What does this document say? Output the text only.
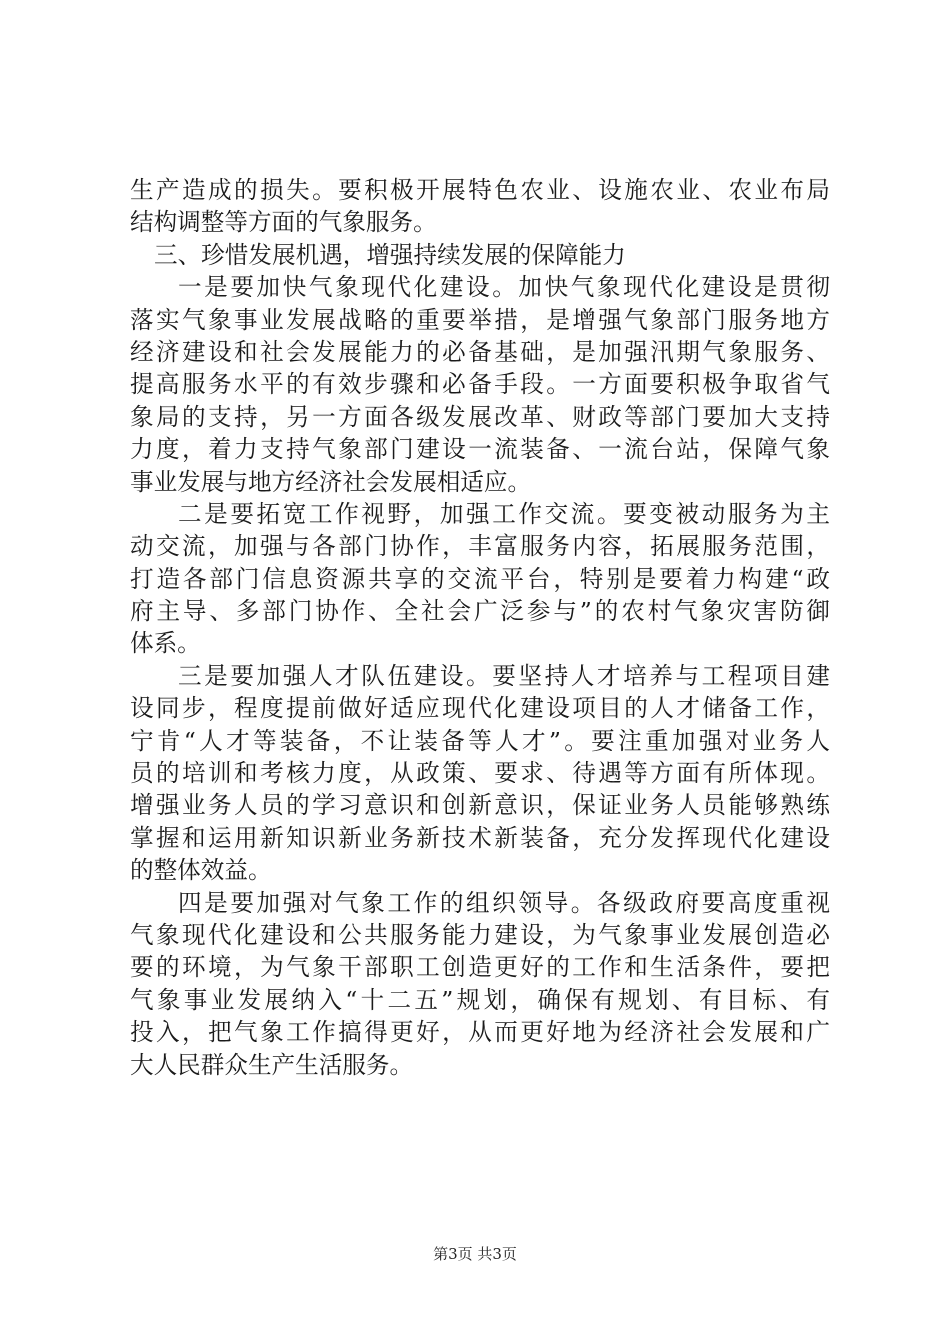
生产造成的损失。要积极开展特色农业、设施农业、农业布局
结构调整等方面的气象服务。
三、珍惜发展机遇，增强持续发展的保障能力
一是要加快气象现代化建设。加快气象现代化建设是贯彻
落实气象事业发展战略的重要举措，是增强气象部门服务地方
经济建设和社会发展能力的必备基础，是加强汛期气象服务、
提高服务水平的有效步骤和必备手段。一方面要积极争取省气
象局的支持，另一方面各级发展改革、财政等部门要加大支持
力度，着力支持气象部门建设一流装备、一流台站，保障气象
事业发展与地方经济社会发展相适应。
二是要拓宽工作视野，加强工作交流。要变被动服务为主
动交流，加强与各部门协作，丰富服务内容，拓展服务范围，
打造各部门信息资源共享的交流平台，特别是要着力构建“政
府主导、多部门协作、全社会广泛参与”的农村气象灾害防御
体系。
三是要加强人才队伍建设。要坚持人才培养与工程项目建
设同步，程度提前做好适应现代化建设项目的人才储备工作，
宁肯“人才等装备，不让装备等人才”。要注重加强对业务人
员的培训和考核力度，从政策、要求、待遇等方面有所体现。
增强业务人员的学习意识和创新意识，保证业务人员能够熟练
掌握和运用新知识新业务新技术新装备，充分发挥现代化建设
的整体效益。
四是要加强对气象工作的组织领导。各级政府要高度重视
气象现代化建设和公共服务能力建设，为气象事业发展创造必
要的环境，为气象干部职工创造更好的工作和生活条件，要把
气象事业发展纳入“十二五”规划，确保有规划、有目标、有
投入，把气象工作搞得更好，从而更好地为经济社会发展和广
大人民群众生产生活服务。
第3页 共3页
